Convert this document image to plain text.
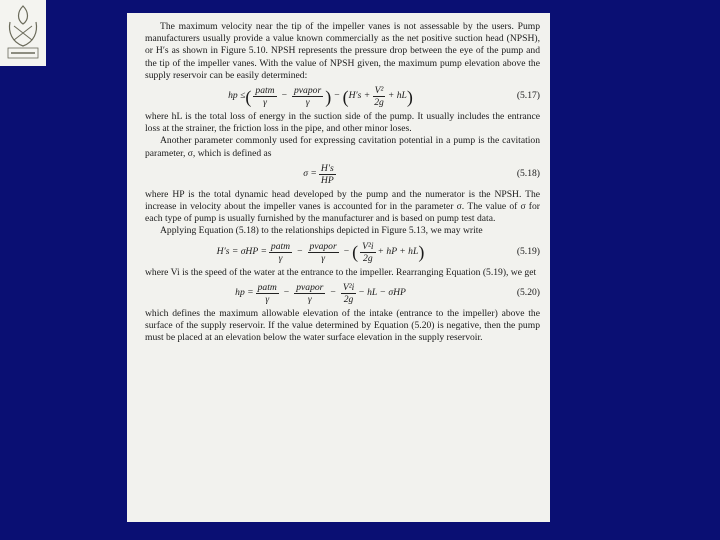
The maximum velocity near the tip of the impeller vanes is not assessable by the users. Pump manufacturers usually provide a value known commercially as the net positive suction head (NPSH), or H′s as shown in Figure 5.10. NPSH represents the pressure drop between the eye of the pump and the tip of the impeller vanes. With the value of NPSH given, the maximum pump elevation above the supply reservoir can be easily determined:

hp ≤ ( $\frac{\text{patm}}{\gamma} - \frac{\text{pvapor}}{\gamma}$ ) − ( $H's + \frac{\text{V²}}{2g}$ + hL )	(5.17)

where hL is the total loss of energy in the suction side of the pump. It usually includes the entrance loss at the strainer, the friction loss in the pipe, and other minor loses.

Another parameter commonly used for expressing cavitation potential in a pump is the cavitation parameter, σ, which is defined as

$\sigma = \frac{H's}{HP}$	(5.18)

where HP is the total dynamic head developed by the pump and the numerator is the NPSH. The increase in velocity about the impeller vanes is accounted for in the parameter σ. The value of σ for each type of pump is usually furnished by the manufacturer and is based on pump test data.

Applying Equation (5.18) to the relationships depicted in Figure 5.13, we may write

$H's = \sigma HP = \frac{\text{patm}}{\gamma} - \frac{\text{pvapor}}{\gamma}$ − ( $\frac{\text{V²i}}{2g}$ + hP + hL )	(5.19)

where Vi is the speed of the water at the entrance to the impeller. Rearranging Equation (5.19), we get

hp = $\frac{\text{patm}}{\gamma} - \frac{\text{pvapor}}{\gamma} - \frac{\text{V²i}}{2g}$ − hL − σHP	(5.20)

which defines the maximum allowable elevation of the intake (entrance to the impeller) above the surface of the supply reservoir. If the value determined by Equation (5.20) is negative, then the pump must be placed at an elevation below the water surface elevation in the supply reservoir.
